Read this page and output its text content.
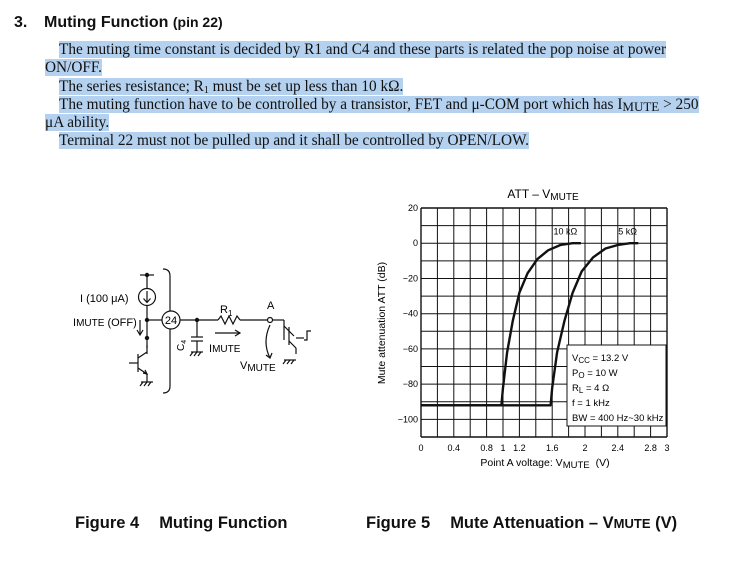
3. Muting Function (pin 22)
The muting time constant is decided by R1 and C4 and these parts is related the pop noise at power
ON/OFF.
The series resistance; $R_1$ must be set up less than 10 kΩ.
The muting function have to be controlled by a transistor, FET and μ-COM port which has IMUTE > 250
μA ability.
Terminal 22 must not be pulled up and it shall be controlled by OPEN/LOW.
I (100 μA)
IMUTE (OFF)	24
$R_1$
$C_4$
IMUTE
A
VMUTE
ATT – VMUTE
20
0
−20
−40
−60
−80
−100
0	0.4 0.8 1 1.2 1.6	2	2.4 2.8 3
10 kΩ	5 kΩ
$V_{CC} = 13.2$ V
$P_O = 10$ W
$R_L = 4$ Ω
f = 1 kHz
BW = 400 Hz~30 kHz
Mute attenuation ATT (dB)
Point A voltage: VMUTE (V)
Figure 4 Muting Function	Figure 5 Mute Attenuation – VMUTE (V)
